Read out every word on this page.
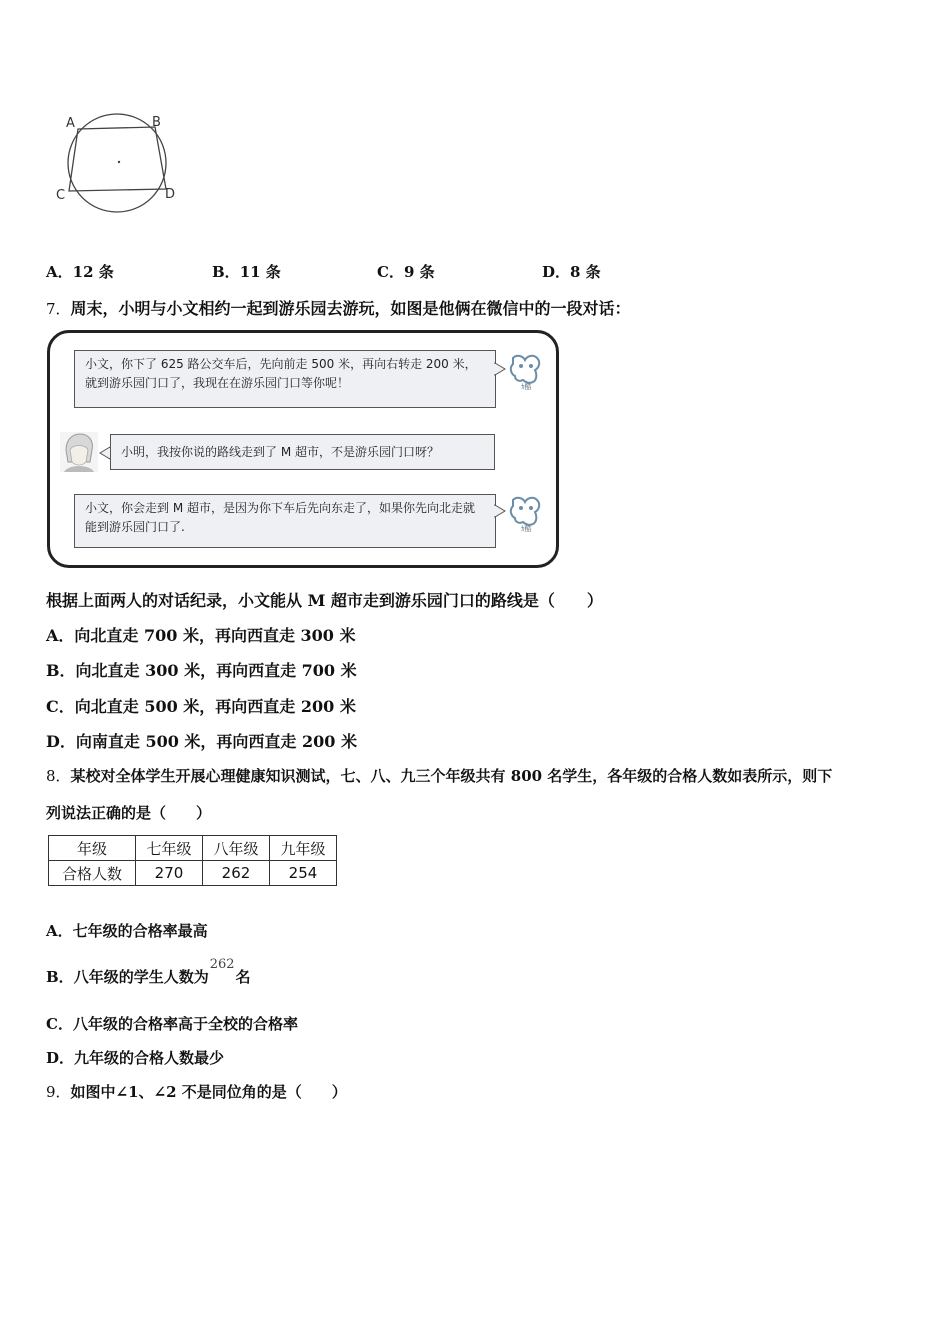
A	B
C	D
A．12 条	B．11 条	C．9 条	D．8 条
7．周末，小明与小文相约一起到游乐园去游玩，如图是他俩在微信中的一段对话：
小文，你下了 625 路公交车后，先向前走 500 米，再向右转走 200 米，就到游乐园门口了，我现在在游乐园门口等你呢！	ｶ酷
小明，我按你说的路线走到了 M 超市，不是游乐园门口呀？
小文，你会走到 M 超市，是因为你下车后先向东走了，如果你先向北走就能到游乐园门口了.	ｶ酷
根据上面两人的对话纪录，小文能从 M 超市走到游乐园门口的路线是（　　）
A．向北直走 700 米，再向西直走 300 米
B．向北直走 300 米，再向西直走 700 米
C．向北直走 500 米，再向西直走 200 米
D．向南直走 500 米，再向西直走 200 米
8．某校对全体学生开展心理健康知识测试，七、八、九三个年级共有 800 名学生，各年级的合格人数如表所示，则下
列说法正确的是（　　）
年级	七年级	八年级	九年级
合格人数	270	262	254
A．七年级的合格率最高
B．八年级的学生人数为262名
C．八年级的合格率高于全校的合格率
D．九年级的合格人数最少
9．如图中∠1、∠2 不是同位角的是（　　）
